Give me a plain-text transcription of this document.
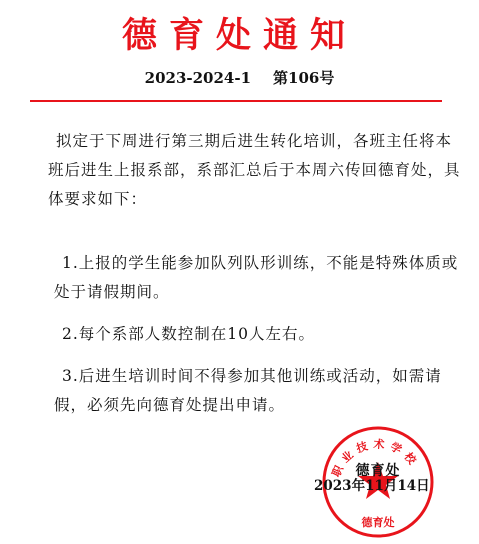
德育处通知
2023-2024-1 第106号

拟定于下周进行第三期后进生转化培训，各班主任将本班后进生上报系部，系部汇总后于本周六传回德育处，具体要求如下：

1.上报的学生能参加队列队形训练，不能是特殊体质或处于请假期间。

2.每个系部人数控制在10人左右。

3.后进生培训时间不得参加其他训练或活动，如需请假，必须先向德育处提出申请。

职业技术学校
德育处
德育处
2023年11月14日
